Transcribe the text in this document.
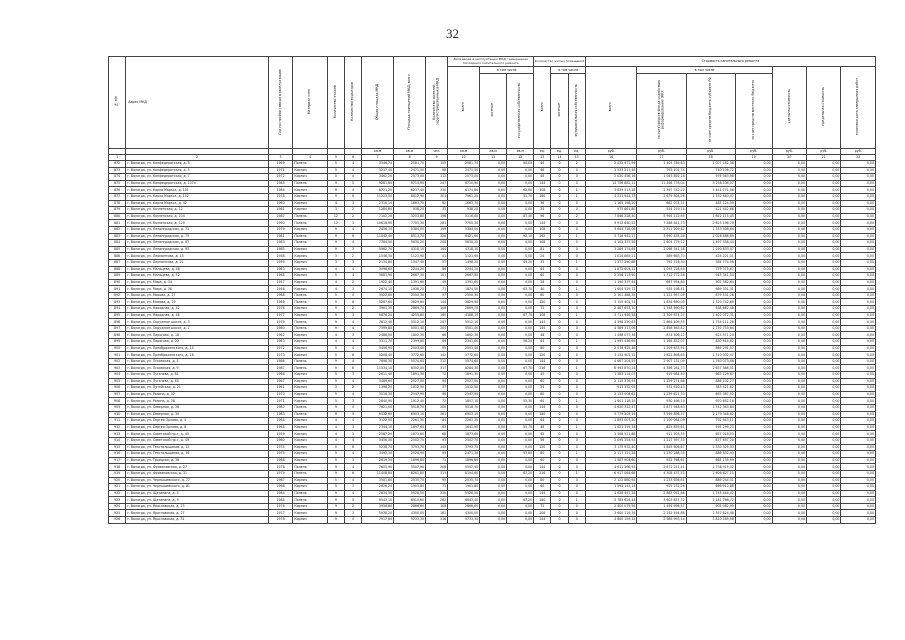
32
№ п/п	Адрес МКД	Год постройки / ввода в эксплуатацию	Материал стен	Количество этажей	Количество подъездов	Общая площадь МКД	Площадь помещений МКД, всего	Количество жителей, зарегистрированных в МКД	Дата ввода в эксплуатацию МКД / завершения последнего капитального ремонта			Количество жилых помещений			Стоимость капитального ремонта						
									всего	в том числе		всего	в том числе		всего	в том числе			удельная стоимость	предельная стоимость	плановая дата завершения работ
										частные	государственная собственность		частные	муниципальная собственность		за счет средств Фонда содействия реформированию ЖКХ	за счет средств бюджета субъекта РФ	за счет средств местного бюджета			
						кв.м	кв.м	чел.	кв.м	кв.м	кв.м	ед.	ед.	ед.	руб.	руб.	руб.	руб.	руб.	руб.	руб.
1	2	3	4	5	6	7	8	9	10	11	12	13	14	15	16	17	18	19	20	21	22
872	г. Вологда, ул. Конфедератская, д. 3	1969	Панель	5	4	3546,70	2581,70	105	2581,70	0,00	90,09	46	0	2	2 432 971,99	1 405 789,63	1 027 182,36	0,00	0,00	0,00	0,00
873	г. Вологда, ул. Конфедератская, д. 5	1971	Кирпич	5	4	3217,40	2471,50	98	2471,50	0,00	0,00	46	0	0	1 533 211,46	793 102,74	740 108,72	0,00	0,00	0,00	0,00
874	г. Вологда, ул. Конфедератская, д. 7	1972	Кирпич	5	4	3462,20	2573,00	112	2573,00	0,00	0,00	48	0	0	2 020 456,16	1 043 892,18	976 563,98	0,00	0,00	0,00	0,00
875	г. Вологда, ул. Конфедератская, д. 107а	1985	Панель	9	5	9281,80	6710,90	247	6710,90	0,00	0,00	144	0	0	14 756 882,11	11 498 776,04	3 258 106,07	0,00	0,00	0,00	0,00
876	г. Вологда, ул. Карла Маркса, д. 101	1984	Кирпич	9	4	8721,20	6237,40	230	6174,80	0,00	62,60	108	0	1	3 839 513,28	2 397 742,22	1 441 771,06	0,00	0,00	0,00	0,00
877	г. Вологда, ул. Карла Маркса, д. 102	1978	Кирпич	9	6	11223,50	8012,90	301	7961,20	0,00	51,70	160	0	1	4 211 944,73	2 679 304,26	1 532 640,47	0,00	0,00	0,00	0,00
878	г. Вологда, ул. Карла Маркса, д. 42	1960	Кирпич	4	3	2310,10	1663,70	62	1663,70	0,00	0,00	36	0	0	1 165 198,20	682 074,11	483 124,09	0,00	0,00	0,00	0,00
879	г. Вологда, ул. Козленская, д. 12	1961	Кирпич	3	2	1284,60	938,20	33	938,20	0,00	0,00	24	0	0	975 661,80	554 219,14	421 442,66	0,00	0,00	0,00	0,00
880	г. Вологда, ул. Козленская, д. 104	1987	Панель	12	2	7102,20	5203,80	196	5116,40	0,00	87,40	96	0	2	7 846 228,40	5 994 112,95	1 852 115,45	0,00	0,00	0,00	0,00
881	г. Вологда, ул. Козленская, д. 120	1990	Панель	12	3	10618,90	7705,30	281	7705,30	0,00	0,00	144	0	0	9 913 640,52	7 288 441,73	2 625 198,79	0,00	0,00	0,00	0,00
882	г. Вологда, ул. Ленинградская, д. 71	1979	Кирпич	9	4	7456,10	5384,00	199	5384,00	0,00	0,00	108	0	0	3 644 718,06	2 311 209,42	1 333 508,64	0,00	0,00	0,00	0,00
883	г. Вологда, ул. Ленинградская, д. 75	1981	Панель	9	6	11842,40	8513,70	326	8421,60	0,00	92,10	162	0	1	5 718 942,17	3 690 455,28	2 028 486,89	0,00	0,00	0,00	0,00
884	г. Вологда, ул. Ленинградская, д. 87	1983	Панель	9	4	7784,50	5630,20	208	5630,20	0,00	0,00	108	0	0	4 102 337,56	2 604 779,12	1 497 558,44	0,00	0,00	0,00	0,00
885	г. Вологда, ул. Ленинградская, д. 95	1985	Кирпич	9	3	5962,70	4318,10	164	4318,10	0,00	0,00	81	0	0	3 289 174,65	2 098 341,18	1 190 833,47	0,00	0,00	0,00	0,00
886	г. Вологда, ул. Лермонтова, д. 15	1958	Кирпич	3	2	1546,30	1121,90	41	1121,90	0,00	0,00	24	0	0	1 014 885,21	589 663,70	425 221,51	0,00	0,00	0,00	0,00
887	г. Вологда, ул. Лермонтова, д. 21	1959	Кирпич	3	3	2134,80	1547,40	57	1498,20	0,00	49,20	33	0	1	1 377 290,88	792 516,30	584 774,58	0,00	0,00	0,00	0,00
888	г. Вологда, ул. Мальцева, д. 48	1963	Кирпич	4	4	3098,60	2244,20	86	2244,20	0,00	0,00	64	0	0	1 872 604,12	1 093 228,45	779 375,67	0,00	0,00	0,00	0,00
889	г. Вологда, ул. Мальцева, д. 52	1965	Кирпич	5	4	3681,90	2667,50	101	2667,50	0,00	0,00	60	0	0	2 256 113,90	1 312 772,36	943 341,54	0,00	0,00	0,00	0,00
890	г. Вологда, ул. Мира, д. 34	1957	Кирпич	4	2	1922,40	1391,60	49	1391,60	0,00	0,00	28	0	0	1 190 337,44	687 954,80	502 382,64	0,00	0,00	0,00	0,00
891	г. Вологда, ул. Мира, д. 36	1956	Кирпич	4	3	2674,10	1938,20	71	1874,50	0,00	63,70	40	0	1	1 604 529,72	935 198,41	669 331,31	0,00	0,00	0,00	0,00
892	г. Вологда, ул. Мохова, д. 27	1968	Панель	5	4	3522,80	2550,30	97	2550,30	0,00	0,00	80	0	0	2 101 488,35	1 221 957,09	879 531,26	0,00	0,00	0,00	0,00
893	г. Вологда, ул. Мохова, д. 29	1969	Панель	5	6	5287,60	3829,90	144	3829,90	0,00	0,00	120	0	0	3 155 402,74	1 834 660,05	1 320 742,69	0,00	0,00	0,00	0,00
894	г. Вологда, ул. Народная, д. 42	1976	Кирпич	9	2	3961,30	2869,70	108	2869,70	0,00	0,00	72	0	0	2 487 653,10	1 548 990,62	938 662,48	0,00	0,00	0,00	0,00
895	г. Вологда, ул. Народная, д. 46	1977	Кирпич	9	3	5876,20	4255,80	160	4188,10	0,00	67,70	108	0	1	3 711 946,58	2 309 874,27	1 402 072,31	0,00	0,00	0,00	0,00
896	г. Вологда, ул. Окружное шоссе, д. 3	1979	Панель	9	4	7612,40	5512,10	207	5512,10	0,00	0,00	144	0	0	4 598 220,83	2 864 109,55	1 734 111,28	0,00	0,00	0,00	0,00
897	г. Вологда, ул. Окружное шоссе, д. 7	1980	Панель	9	4	7599,80	5501,40	204	5501,40	0,00	0,00	144	0	0	4 589 317,06	2 858 563,42	1 730 753,64	0,00	0,00	0,00	0,00
898	г. Вологда, ул. Пирогова, д. 18	1962	Кирпич	4	3	2488,50	1802,30	66	1802,30	0,00	0,00	48	0	0	1 498 077,36	874 506,12	623 571,24	0,00	0,00	0,00	0,00
899	г. Вологда, ул. Пирогова, д. 22	1963	Кирпич	4	4	3311,70	2399,80	89	2341,60	0,00	58,20	64	0	1	1 995 446,69	1 164 832,07	830 614,62	0,00	0,00	0,00	0,00
900	г. Вологда, ул. Преображенского, д. 14	1972	Кирпич	5	4	3456,90	2503,40	95	2503,40	0,00	0,00	80	0	0	2 078 925,48	1 209 633,91	869 291,57	0,00	0,00	0,00	0,00
901	г. Вологда, ул. Преображенского, д. 18	1973	Кирпич	5	6	5208,40	3772,60	142	3772,60	0,00	0,00	120	0	0	3 132 901,12	1 822 898,65	1 310 002,47	0,00	0,00	0,00	0,00
902	г. Вологда, ул. Псковская, д. 5	1986	Панель	9	4	7698,30	5574,60	212	5574,60	0,00	0,00	144	0	0	4 667 204,55	2 907 131,09	1 760 073,46	0,00	0,00	0,00	0,00
903	г. Вологда, ул. Псковская, д. 9	1987	Панель	9	6	11534,10	8352,00	317	8284,30	0,00	67,70	216	0	1	6 993 870,24	4 356 281,73	2 637 588,51	0,00	0,00	0,00	0,00
904	г. Вологда, ул. Пугачева, д. 61	1966	Кирпич	5	3	2611,40	1891,30	72	1891,30	0,00	0,00	45	0	0	1 583 114,07	919 984,40	663 129,67	0,00	0,00	0,00	0,00
905	г. Вологда, ул. Пугачева, д. 65	1967	Кирпич	5	4	3489,60	2527,00	94	2527,00	0,00	0,00	60	0	0	2 115 376,93	1 229 274,66	886 102,27	0,00	0,00	0,00	0,00
906	г. Вологда, ул. Путейская, д. 21	1961	Кирпич	3	2	1398,20	1012,50	37	1012,50	0,00	0,00	24	0	0	915 332,05	531 910,43	383 421,62	0,00	0,00	0,00	0,00
907	г. Вологда, ул. Разина, д. 32	1970	Кирпич	5	4	3518,30	2547,90	96	2547,90	0,00	0,00	80	0	0	2 133 008,62	1 239 621,10	893 387,52	0,00	0,00	0,00	0,00
908	г. Вологда, ул. Разина, д. 38	1971	Кирпич	5	3	2640,90	1912,40	72	1857,10	0,00	55,30	60	0	1	1 601 118,35	930 466,19	670 652,16	0,00	0,00	0,00	0,00
909	г. Вологда, ул. Северная, д. 26	1982	Панель	9	4	7621,00	5518,70	209	5518,70	0,00	0,00	144	0	0	4 620 312,47	2 877 948,63	1 742 363,84	0,00	0,00	0,00	0,00
910	г. Вологда, ул. Северная, д. 30	1983	Панель	9	5	9532,60	6903,10	261	6903,10	0,00	0,00	180	0	0	5 779 205,19	3 599 856,37	2 179 348,82	0,00	0,00	0,00	0,00
911	г. Вологда, ул. Сергея Орлова, д. 4	1964	Кирпич	4	4	3122,50	2261,30	84	2261,30	0,00	0,00	64	0	0	1 893 007,20	1 100 064,09	792 943,11	0,00	0,00	0,00	0,00
912	г. Вологда, ул. Сергея Орлова, д. 8	1965	Кирпич	4	3	2344,10	1697,60	63	1641,90	0,00	55,70	48	0	1	1 421 159,34	825 859,61	595 299,73	0,00	0,00	0,00	0,00
913	г. Вологда, ул. Советский пр-т, д. 45	1959	Кирпич	4	3	2587,20	1873,60	68	1873,60	0,00	0,00	42	0	0	1 568 521,88	911 503,35	657 018,53	0,00	0,00	0,00	0,00
914	г. Вологда, ул. Советский пр-т, д. 49	1960	Кирпич	4	4	3456,00	2502,70	93	2502,70	0,00	0,00	56	0	0	2 095 254,53	1 217 597,33	877 657,20	0,00	0,00	0,00	0,00
915	г. Вологда, ул. Текстильщиков, д. 12	1974	Кирпич	5	6	5238,70	3793,70	143	3793,70	0,00	0,00	120	0	0	3 175 932,40	1 845 606,87	1 330 325,53	0,00	0,00	0,00	0,00
916	г. Вологда, ул. Текстильщиков, д. 16	1975	Кирпич	5	4	3492,10	2528,90	95	2471,30	0,00	57,60	80	0	1	2 117 121,28	1 230 288,35	886 832,93	0,00	0,00	0,00	0,00
917	г. Вологда, ул. Троицкая, д. 38	1968	Кирпич	5	3	2619,30	1896,80	71	1896,80	0,00	0,00	60	0	0	1 587 904,60	922 768,61	665 135,99	0,00	0,00	0,00	0,00
918	г. Вологда, ул. Фрязиновская, д. 27	1978	Панель	9	4	7605,90	5507,90	208	5507,90	0,00	0,00	144	0	0	4 611 166,93	2 872 251,41	1 738 915,52	0,00	0,00	0,00	0,00
919	г. Вологда, ул. Фрязиновская, д. 31	1979	Панель	9	6	11408,80	8261,80	313	8194,60	0,00	67,20	216	0	1	6 917 064,68	4 308 437,53	2 608 627,15	0,00	0,00	0,00	0,00
920	г. Вологда, ул. Чернышевского, д. 77	1967	Кирпич	5	4	3501,60	2535,70	95	2535,70	0,00	0,00	80	0	0	2 122 880,92	1 233 636,61	889 244,31	0,00	0,00	0,00	0,00
921	г. Вологда, ул. Чернышевского, д. 81	1968	Кирпич	5	3	2626,20	1901,80	71	1901,80	0,00	0,00	60	0	0	1 592 143,14	925 232,26	666 910,88	0,00	0,00	0,00	0,00
922	г. Вологда, ул. Щетинина, д. 5	1984	Панель	9	4	7634,50	5528,50	210	5528,50	0,00	0,00	144	0	0	4 628 497,28	2 883 052,86	1 745 444,42	0,00	0,00	0,00	0,00
923	г. Вологда, ул. Щетинина, д. 9	1985	Панель	9	5	9543,10	6910,60	262	6843,40	0,00	67,20	180	0	1	5 785 624,44	3 603 857,72	2 181 766,72	0,00	0,00	0,00	0,00
924	г. Вологда, ул. Ярославская, д. 23	1976	Кирпич	9	2	3958,80	2866,60	108	2866,60	0,00	0,00	72	0	0	2 400 079,56	1 494 996,57	905 082,99	0,00	0,00	0,00	0,00
925	г. Вологда, ул. Ярославская, д. 27	1977	Кирпич	9	3	5938,20	4300,00	162	4300,00	0,00	0,00	108	0	0	3 600 119,34	2 242 494,86	1 357 624,48	0,00	0,00	0,00	0,00
926	г. Вологда, ул. Ярославская, д. 31	1978	Кирпич	9	4	7917,60	5733,30	216	5733,30	0,00	0,00	144	0	0	4 800 159,12	2 989 993,14	1 810 165,98	0,00	0,00	0,00	0,00
